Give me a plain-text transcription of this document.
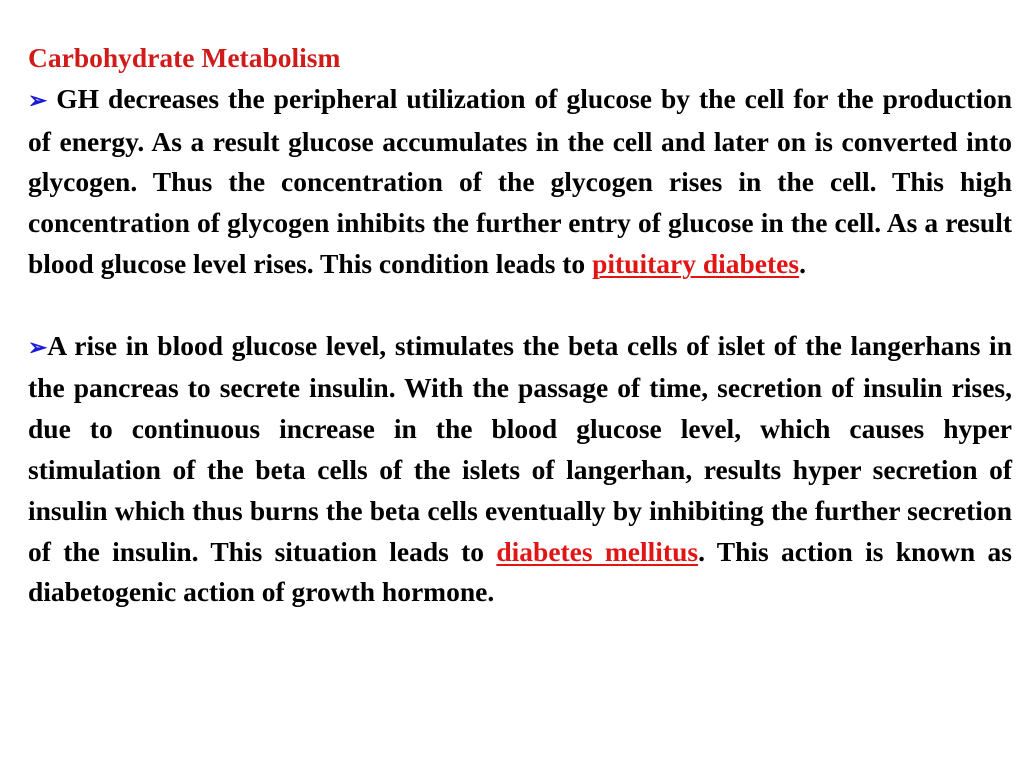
Carbohydrate Metabolism

➢ GH decreases the peripheral utilization of glucose by the cell for the production of energy. As a result glucose accumulates in the cell and later on is converted into glycogen. Thus the concentration of the glycogen rises in the cell. This high concentration of glycogen inhibits the further entry of glucose in the cell. As a result blood glucose level rises. This condition leads to pituitary diabetes.

➢A rise in blood glucose level, stimulates the beta cells of islet of the langerhans in the pancreas to secrete insulin. With the passage of time, secretion of insulin rises, due to continuous increase in the blood glucose level, which causes hyper stimulation of the beta cells of the islets of langerhan, results hyper secretion of insulin which thus burns the beta cells eventually by inhibiting the further secretion of the insulin. This situation leads to diabetes mellitus. This action is known as diabetogenic action of growth hormone.
